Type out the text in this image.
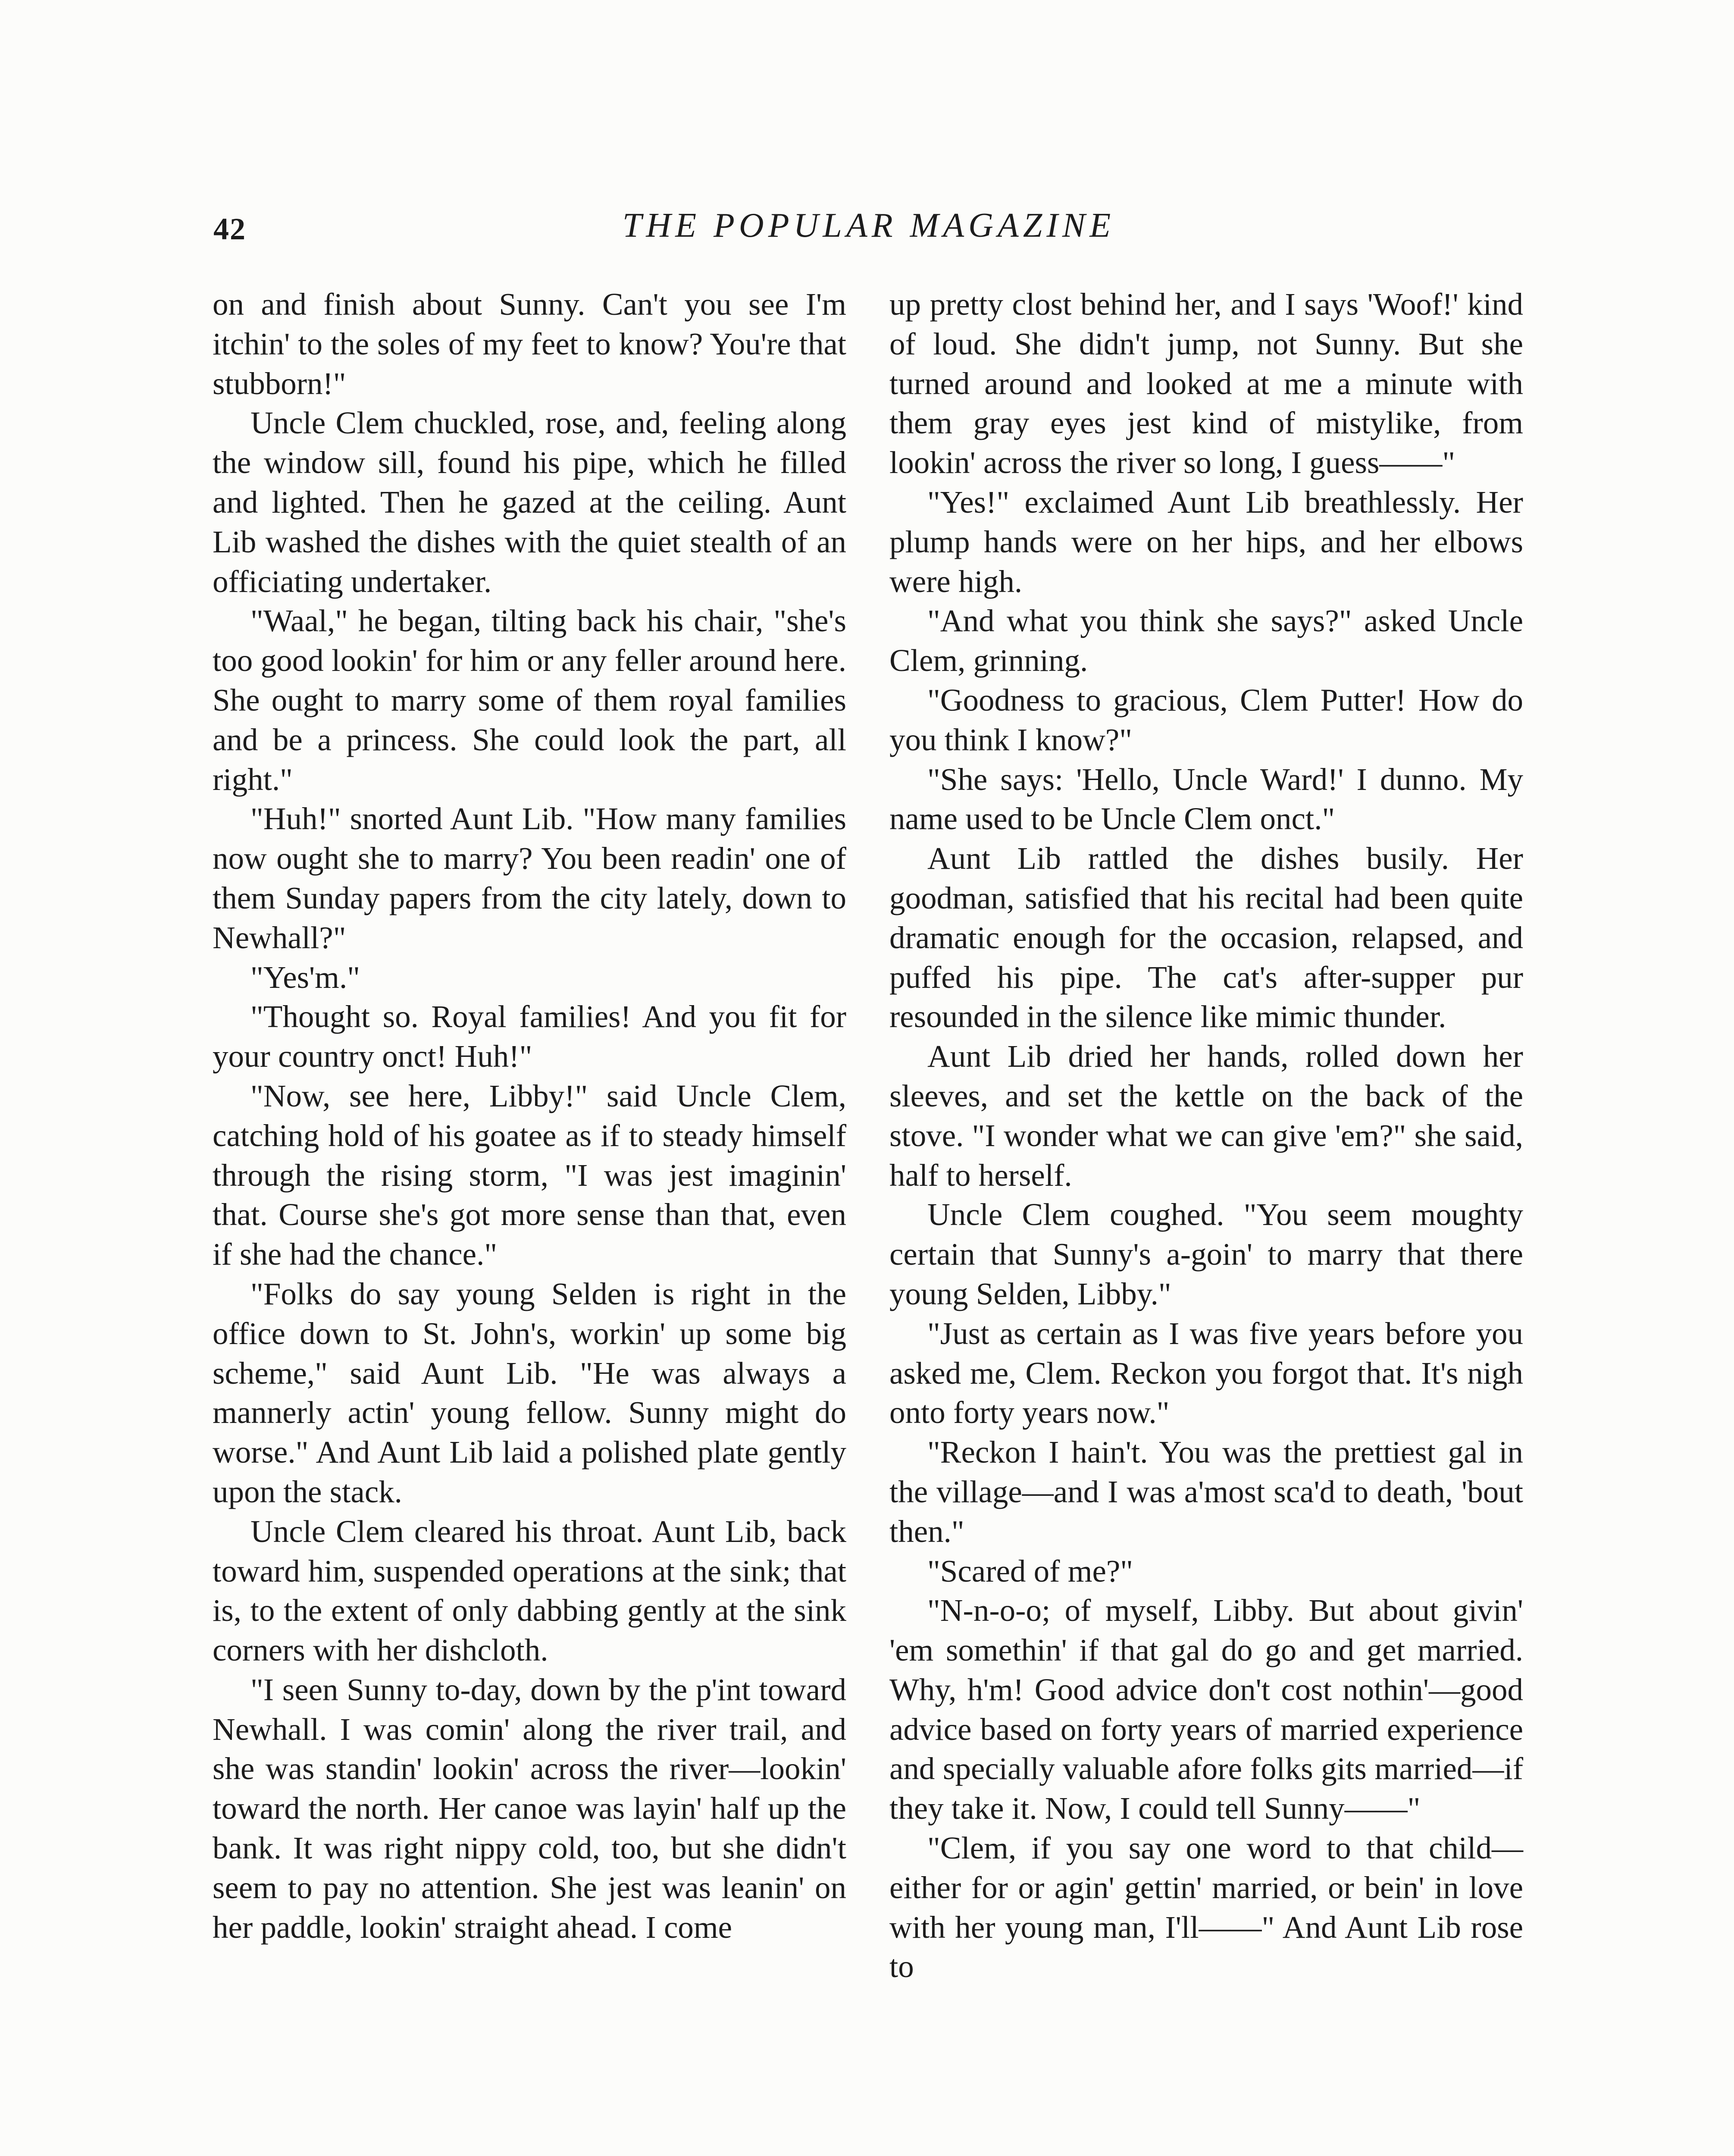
42	THE POPULAR MAGAZINE

on and finish about Sunny. Can't you see I'm itchin' to the soles of my feet to know? You're that stubborn!"

Uncle Clem chuckled, rose, and, feeling along the window sill, found his pipe, which he filled and lighted. Then he gazed at the ceiling. Aunt Lib washed the dishes with the quiet stealth of an officiating undertaker.

"Waal," he began, tilting back his chair, "she's too good lookin' for him or any feller around here. She ought to marry some of them royal families and be a princess. She could look the part, all right."

"Huh!" snorted Aunt Lib. "How many families now ought she to marry? You been readin' one of them Sunday papers from the city lately, down to Newhall?"

"Yes'm."

"Thought so. Royal families! And you fit for your country onct! Huh!"

"Now, see here, Libby!" said Uncle Clem, catching hold of his goatee as if to steady himself through the rising storm, "I was jest imaginin' that. Course she's got more sense than that, even if she had the chance."

"Folks do say young Selden is right in the office down to St. John's, workin' up some big scheme," said Aunt Lib. "He was always a mannerly actin' young fellow. Sunny might do worse." And Aunt Lib laid a polished plate gently upon the stack.

Uncle Clem cleared his throat. Aunt Lib, back toward him, suspended operations at the sink; that is, to the extent of only dabbing gently at the sink corners with her dishcloth.

"I seen Sunny to-day, down by the p'int toward Newhall. I was comin' along the river trail, and she was standin' lookin' across the river—lookin' toward the north. Her canoe was layin' half up the bank. It was right nippy cold, too, but she didn't seem to pay no attention. She jest was leanin' on her paddle, lookin' straight ahead. I come

up pretty clost behind her, and I says 'Woof!' kind of loud. She didn't jump, not Sunny. But she turned around and looked at me a minute with them gray eyes jest kind of mistylike, from lookin' across the river so long, I guess——"

"Yes!" exclaimed Aunt Lib breathlessly. Her plump hands were on her hips, and her elbows were high.

"And what you think she says?" asked Uncle Clem, grinning.

"Goodness to gracious, Clem Putter! How do you think I know?"

"She says: 'Hello, Uncle Ward!' I dunno. My name used to be Uncle Clem onct."

Aunt Lib rattled the dishes busily. Her goodman, satisfied that his recital had been quite dramatic enough for the occasion, relapsed, and puffed his pipe. The cat's after-supper pur resounded in the silence like mimic thunder.

Aunt Lib dried her hands, rolled down her sleeves, and set the kettle on the back of the stove. "I wonder what we can give 'em?" she said, half to herself.

Uncle Clem coughed. "You seem moughty certain that Sunny's a-goin' to marry that there young Selden, Libby."

"Just as certain as I was five years before you asked me, Clem. Reckon you forgot that. It's nigh onto forty years now."

"Reckon I hain't. You was the prettiest gal in the village—and I was a'most sca'd to death, 'bout then."

"Scared of me?"

"N-n-o-o; of myself, Libby. But about givin' 'em somethin' if that gal do go and get married. Why, h'm! Good advice don't cost nothin'—good advice based on forty years of married experience and specially valuable afore folks gits married—if they take it. Now, I could tell Sunny——"

"Clem, if you say one word to that child—either for or agin' gettin' married, or bein' in love with her young man, I'll——" And Aunt Lib rose to
